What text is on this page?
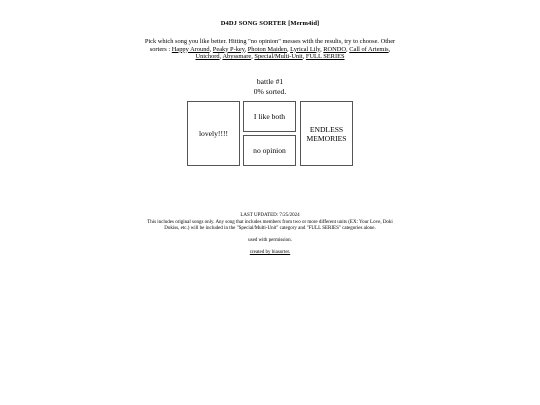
D4DJ SONG SORTER [Merm4id]
Pick which song you like better. Hitting "no opinion" messes with the results, try to choose. Other sorters : Happy Around, Peaky P-key, Photon Maiden, Lyrical Lily, RONDO, Call of Artemis, Unichord, Abyssmare, Special/Multi-Unit, FULL SERIES
battle #1
0% sorted.
lovely!!!!
I like both
no opinion
ENDLESS MEMORIES
LAST UPDATED: 7/25/2024

This includes original songs only. Any song that includes members from two or more different units (EX: Your Love, Doki Dokiss, etc.) will be included in the "Special/Multi-Unit" category and "FULL SERIES" categories alone.

used with permission.

created by biasorter.
